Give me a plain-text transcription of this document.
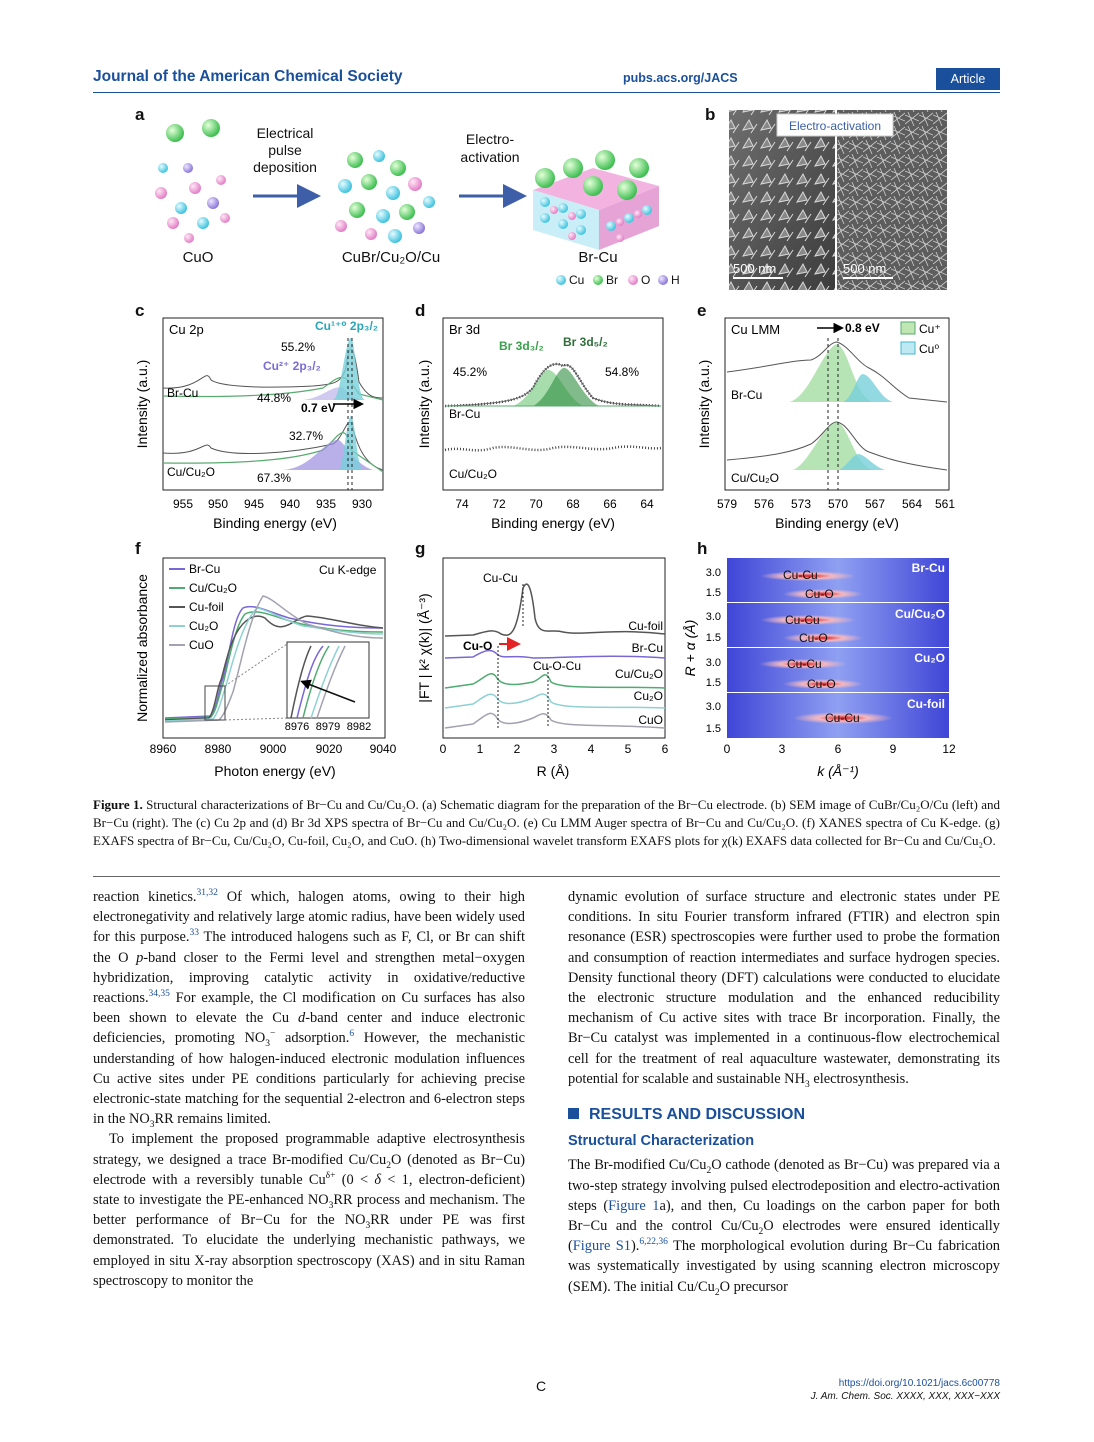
Journal of the American Chemical Society	pubs.acs.org/JACS	Article
a	b
c	d	e
f	g	h
Electrical
pulse
deposition
Electro-
activation
CuO	CuBr/Cu₂O/Cu	Br-Cu
Cu Br O H
Electro-activation
500 nm	500 nm
Cu 2p	Cu¹⁺⁰ 2p₃/₂
Cu²⁺ 2p₃/₂
55.2%
44.8%
0.7 eV
32.7%
67.3%
Br-Cu
Cu/Cu₂O
955 950 945 940 935 930
Binding energy (eV)
Intensity (a.u.)
Br 3d
Br 3d₃/₂ Br 3d₅/₂
45.2%	54.8%
Br-Cu
Cu/Cu₂O
74 72 70 68 66 64
Binding energy (eV)
Intensity (a.u.)
Cu LMM	0.8 eV	Cu⁺
Cu⁰
Br-Cu
Cu/Cu₂O
579 576 573 570 567 564 561
Binding energy (eV)
Intensity (a.u.)
Br-Cu
Cu/Cu₂O
Cu-foil
Cu₂O
CuO
Cu K-edge
8976 8979 8982
8960 8980 9000 9020 9040
Photon energy (eV)
Normalized absorbance	Cu-Cu
Cu-O
Cu-O-Cu
Cu-foil
Br-Cu
Cu/Cu₂O
Cu₂O
CuO
0	1	2	3	4	5	6
R (Å)
|FT | k² χ(k)| (Å⁻³)
Cu-Cu
Cu-O
Cu-Cu
Cu-O
Cu-Cu
Cu-O
Cu-Cu
Br-Cu
Cu/Cu₂O
Cu₂O
Cu-foil
3.0
1.5
3.0
1.5
3.0
1.5
3.0
1.5
0	3	6	9	12
k (Å⁻¹)
R + α (Å)
Figure 1. Structural characterizations of Br−Cu and Cu/Cu₂O. (a) Schematic diagram for the preparation of the Br−Cu electrode. (b) SEM image of CuBr/Cu₂O/Cu (left) and Br−Cu (right). The (c) Cu 2p and (d) Br 3d XPS spectra of Br−Cu and Cu/Cu₂O. (e) Cu LMM Auger spectra of Br−Cu and Cu/Cu₂O. (f) XANES spectra of Cu K-edge. (g) EXAFS spectra of Br−Cu, Cu/Cu₂O, Cu-foil, Cu₂O, and CuO. (h) Two-dimensional wavelet transform EXAFS plots for χ(k) EXAFS data collected for Br−Cu and Cu/Cu₂O.

reaction kinetics.$^{31,32}$ Of which, halogen atoms, owing to their high electronegativity and relatively large atomic radius, have been widely used for this purpose.$^{33}$ The introduced halogens such as F, Cl, or Br can shift the O p-band closer to the Fermi level and strengthen metal−oxygen hybridization, improving catalytic activity in oxidative/reductive reactions.$^{34,35}$ For example, the Cl modification on Cu surfaces has also been shown to elevate the Cu d-band center and induce electronic deficiencies, promoting $NO_3^-$ adsorption.$^6$ However, the mechanistic understanding of how halogen-induced electronic modulation influences Cu active sites under PE conditions particularly for achieving precise electronic-state matching for the sequential 2-electron and 6-electron steps in the $NO_3RR$ remains limited.

To implement the proposed programmable adaptive electrosynthesis strategy, we designed a trace Br-modified $Cu/Cu_2O$ (denoted as Br−Cu) electrode with a reversibly tunable $Cu^{\delta+}$ (0 < δ < 1, electron-deficient) state to investigate the PE-enhanced $NO_3RR$ process and mechanism. The better performance of Br−Cu for the $NO_3RR$ under PE was first demonstrated. To elucidate the underlying mechanistic pathways, we employed in situ X-ray absorption spectroscopy (XAS) and in situ Raman spectroscopy to monitor the

dynamic evolution of surface structure and electronic states under PE conditions. In situ Fourier transform infrared (FTIR) and electron spin resonance (ESR) spectroscopies were further used to probe the formation and consumption of reaction intermediates and surface hydrogen species. Density functional theory (DFT) calculations were conducted to elucidate the electronic structure modulation and the enhanced reducibility mechanism of Cu active sites with trace Br incorporation. Finally, the Br−Cu catalyst was implemented in a continuous-flow electrochemical cell for the treatment of real aquaculture wastewater, demonstrating its potential for scalable and sustainable $NH_3$ electrosynthesis.

RESULTS AND DISCUSSION

Structural Characterization

The Br-modified $Cu/Cu_2O$ cathode (denoted as Br−Cu) was prepared via a two-step strategy involving pulsed electrodeposition and electro-activation steps (Figure 1a), and then, Cu loadings on the carbon paper for both Br−Cu and the control $Cu/Cu_2O$ electrodes were ensured identically (Figure S1).$^{6,22,36}$ The morphological evolution during Br−Cu fabrication was systematically investigated by using scanning electron microscopy (SEM). The initial $Cu/Cu_2O$ precursor

C	https://doi.org/10.1021/jacs.6c00778
J. Am. Chem. Soc. XXXX, XXX, XXX−XXX
